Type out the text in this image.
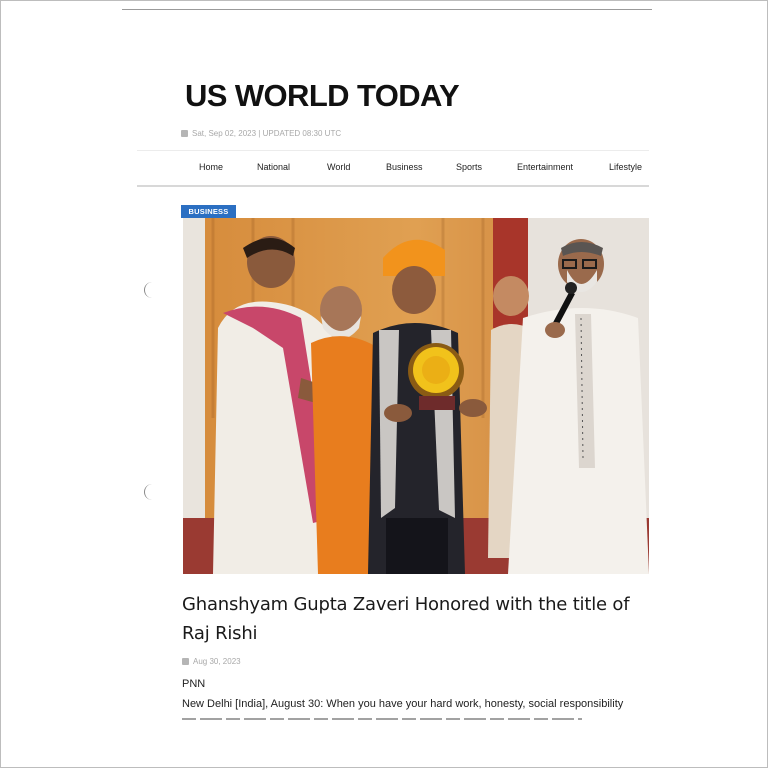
US WORLD TODAY
Sat, Sep 02, 2023 | UPDATED 08:30 UTC
Home	National	World	Business	Sports	Entertainment	Lifestyle
BUSINESS
Ghanshyam Gupta Zaveri Honored with the title of Raj Rishi
Aug 30, 2023
PNN
New Delhi [India], August 30: When you have your hard work, honesty, social responsibility
